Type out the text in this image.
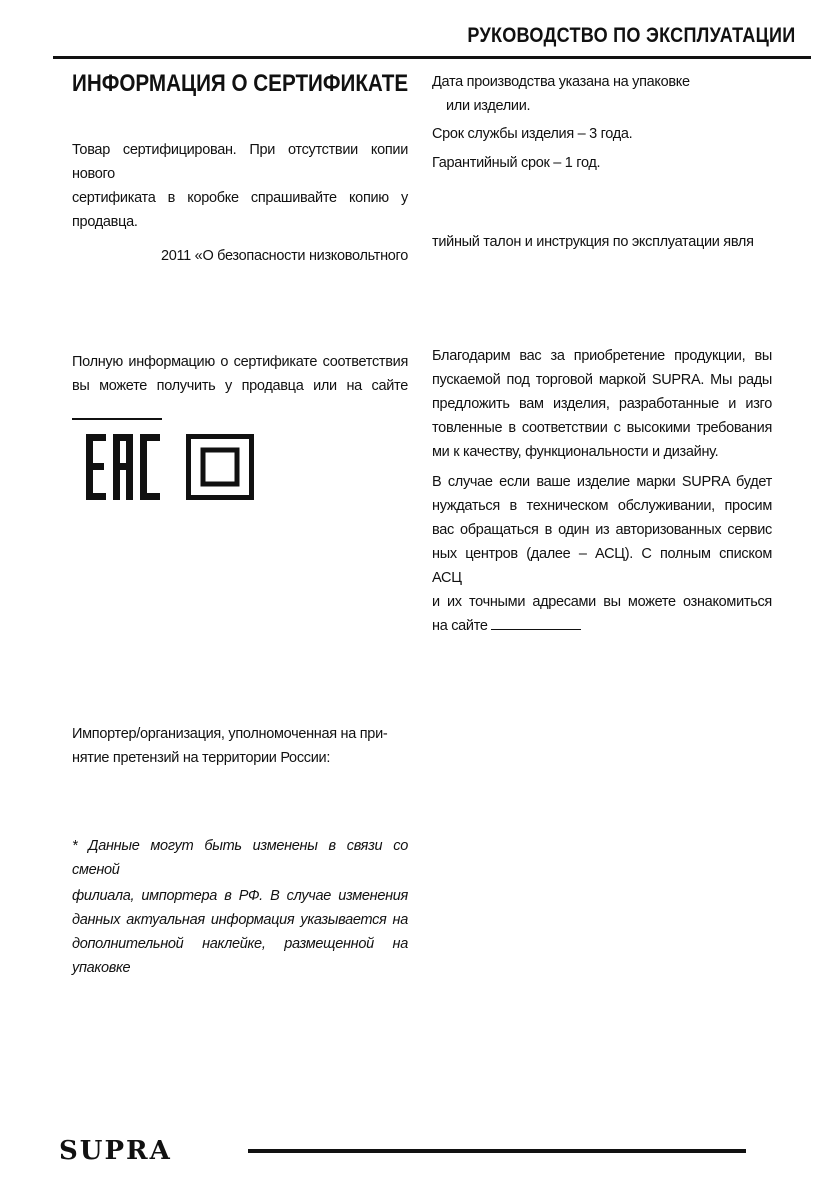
РУКОВОДСТВО ПО ЭКСПЛУАТАЦИИ
ИНФОРМАЦИЯ О СЕРТИФИКАТЕ
Товар сертифицирован. При отсутствии копии нового
сертификата в коробке спрашивайте копию у продавца.
2011 «О безопасности низковольтного
Полную информацию о сертификате соответствия
вы можете получить у продавца или на сайте
Импортер/организация, уполномоченная на при-
нятие претензий на территории России:
* Данные могут быть изменены в связи со сменой
филиала, импортера в РФ. В случае изменения
данных актуальная информация указывается на
дополнительной наклейке, размещенной на упаковке
Дата производства указана на упаковке
или изделии.
Срок службы изделия – 3 года.
Гарантийный срок – 1 год.
тийный талон и инструкция по эксплуатации явля
Благодарим вас за приобретение продукции, вы
пускаемой под торговой маркой SUPRA. Мы рады
предложить вам изделия, разработанные и изго
товленные в соответствии с высокими требования
ми к качеству, функциональности и дизайну.
В случае если ваше изделие марки SUPRA будет
нуждаться в техническом обслуживании, просим
вас обращаться в один из авторизованных сервис
ных центров (далее – АСЦ). С полным списком АСЦ
и их точными адресами вы можете ознакомиться
на сайте
SUPRA
